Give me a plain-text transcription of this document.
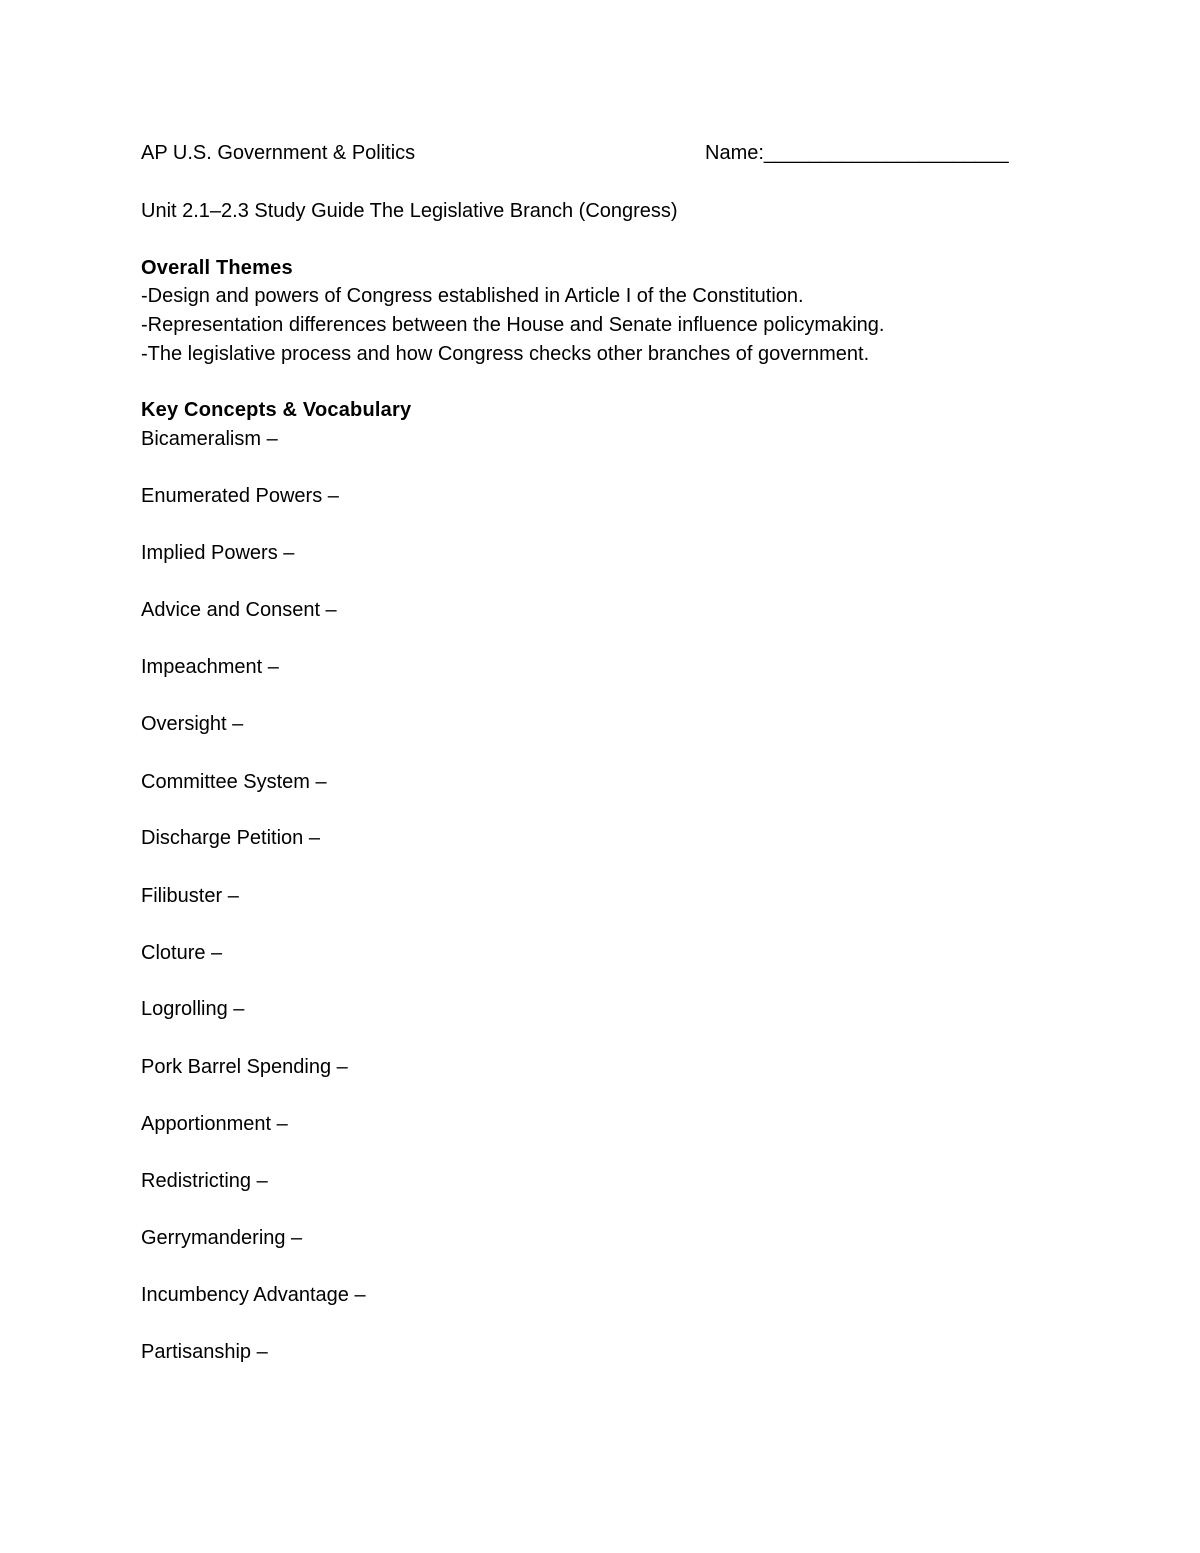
AP U.S. Government & Politics	Name:______________________
Unit 2.1–2.3 Study Guide The Legislative Branch (Congress)
Overall Themes
-Design and powers of Congress established in Article I of the Constitution.
-Representation differences between the House and Senate influence policymaking.
-The legislative process and how Congress checks other branches of government.
Key Concepts & Vocabulary
Bicameralism –
Enumerated Powers –
Implied Powers –
Advice and Consent –
Impeachment –
Oversight –
Committee System –
Discharge Petition –
Filibuster –
Cloture –
Logrolling –
Pork Barrel Spending –
Apportionment –
Redistricting –
Gerrymandering –
Incumbency Advantage –
Partisanship –
